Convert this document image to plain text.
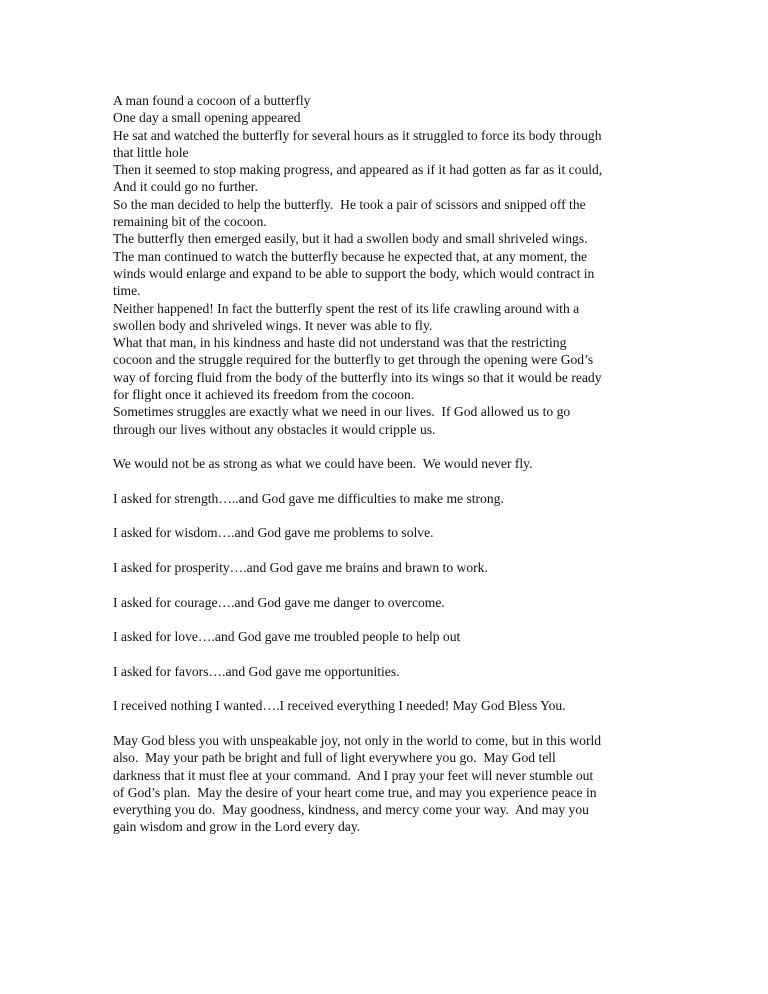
A man found a cocoon of a butterfly
One day a small opening appeared
He sat and watched the butterfly for several hours as it struggled to force its body through
that little hole
Then it seemed to stop making progress, and appeared as if it had gotten as far as it could,
And it could go no further.
So the man decided to help the butterfly.  He took a pair of scissors and snipped off the
remaining bit of the cocoon.
The butterfly then emerged easily, but it had a swollen body and small shriveled wings.
The man continued to watch the butterfly because he expected that, at any moment, the
winds would enlarge and expand to be able to support the body, which would contract in
time.
Neither happened! In fact the butterfly spent the rest of its life crawling around with a
swollen body and shriveled wings. It never was able to fly.
What that man, in his kindness and haste did not understand was that the restricting
cocoon and the struggle required for the butterfly to get through the opening were God’s
way of forcing fluid from the body of the butterfly into its wings so that it would be ready
for flight once it achieved its freedom from the cocoon.
Sometimes struggles are exactly what we need in our lives.  If God allowed us to go
through our lives without any obstacles it would cripple us.
We would not be as strong as what we could have been.  We would never fly.
I asked for strength…..and God gave me difficulties to make me strong.
I asked for wisdom….and God gave me problems to solve.
I asked for prosperity….and God gave me brains and brawn to work.
I asked for courage….and God gave me danger to overcome.
I asked for love….and God gave me troubled people to help out
I asked for favors….and God gave me opportunities.
I received nothing I wanted….I received everything I needed! May God Bless You.
May God bless you with unspeakable joy, not only in the world to come, but in this world
also.  May your path be bright and full of light everywhere you go.  May God tell
darkness that it must flee at your command.  And I pray your feet will never stumble out
of God’s plan.  May the desire of your heart come true, and may you experience peace in
everything you do.  May goodness, kindness, and mercy come your way.  And may you
gain wisdom and grow in the Lord every day.
